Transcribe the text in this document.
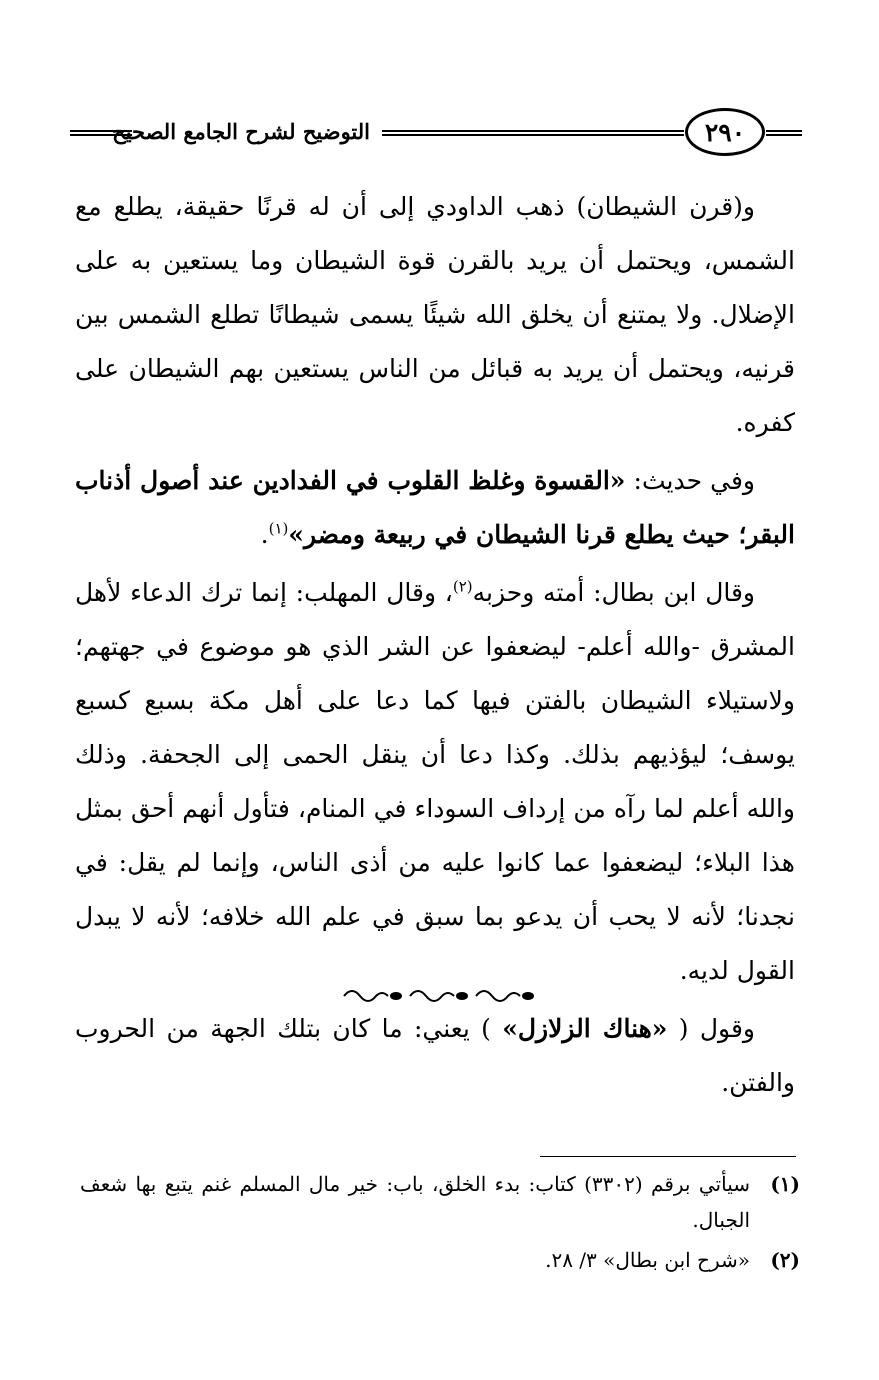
التوضيح لشرح الجامع الصحيح	٢٩٠

و(قرن الشيطان) ذهب الداودي إلى أن له قرنًا حقيقة، يطلع مع الشمس، ويحتمل أن يريد بالقرن قوة الشيطان وما يستعين به على الإضلال. ولا يمتنع أن يخلق الله شيئًا يسمى شيطانًا تطلع الشمس بين قرنيه، ويحتمل أن يريد به قبائل من الناس يستعين بهم الشيطان على كفره.

وفي حديث: «القسوة وغلظ القلوب في الفدادين عند أصول أذناب البقر؛ حيث يطلع قرنا الشيطان في ربيعة ومضر»$^{(١)}$.

وقال ابن بطال: أمته وحزبه$^{(٢)}$، وقال المهلب: إنما ترك الدعاء لأهل المشرق -والله أعلم- ليضعفوا عن الشر الذي هو موضوع في جهتهم؛ ولاستيلاء الشيطان بالفتن فيها كما دعا على أهل مكة بسبع كسبع يوسف؛ ليؤذيهم بذلك. وكذا دعا أن ينقل الحمى إلى الجحفة. وذلك والله أعلم لما رآه من إرداف السوداء في المنام، فتأول أنهم أحق بمثل هذا البلاء؛ ليضعفوا عما كانوا عليه من أذى الناس، وإنما لم يقل: في نجدنا؛ لأنه لا يحب أن يدعو بما سبق في علم الله خلافه؛ لأنه لا يبدل القول لديه.

وقول ( «هناك الزلازل» ) يعني: ما كان بتلك الجهة من الحروب والفتن.

(١)
سيأتي برقم (٣٣٠٢) كتاب: بدء الخلق، باب: خير مال المسلم غنم يتبع بها شعف الجبال.
(٢)
«شرح ابن بطال» ٣/ ٢٨.
